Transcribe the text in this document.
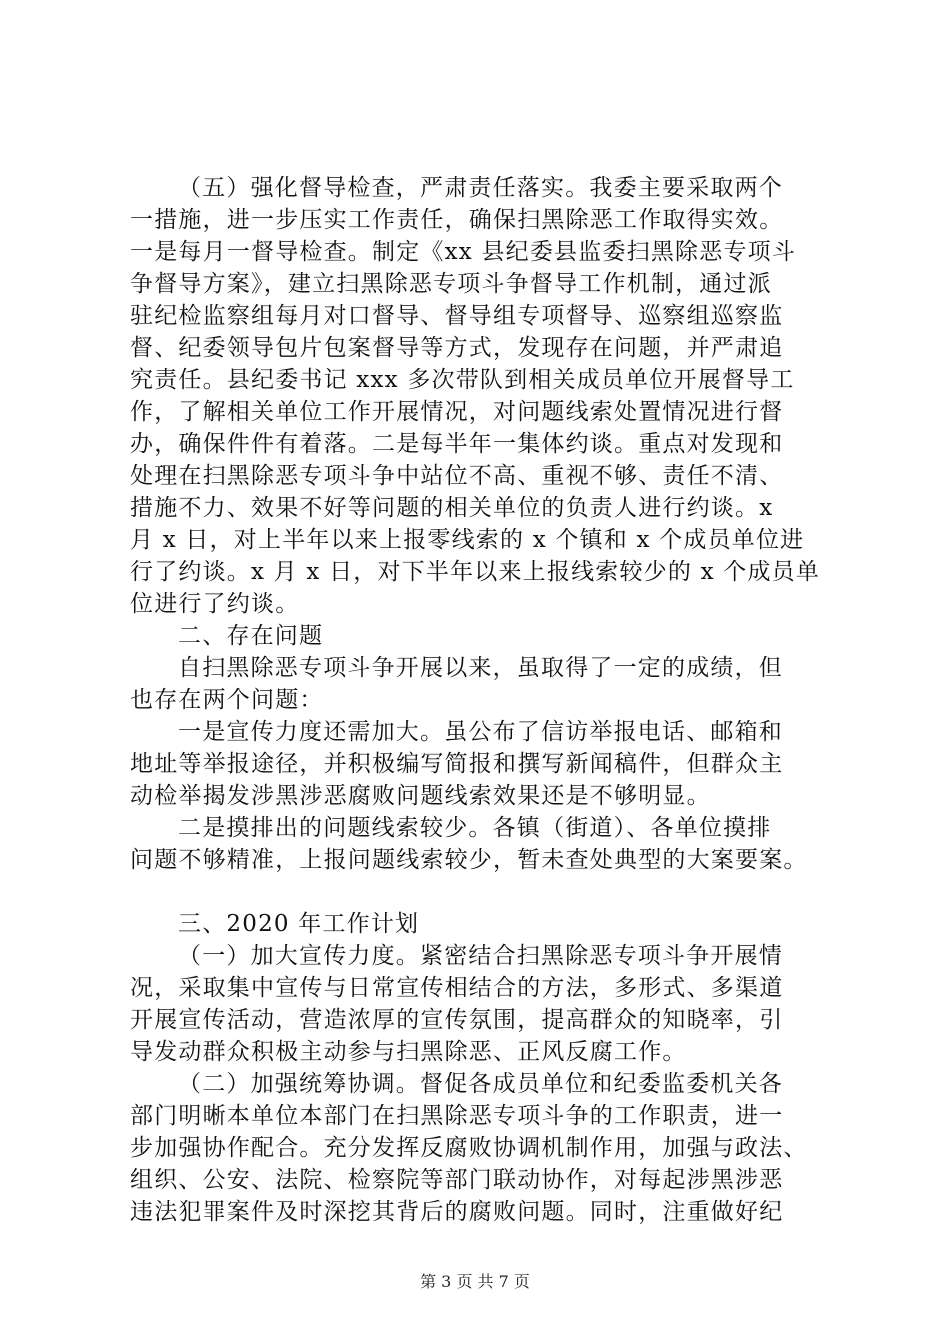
（五）强化督导检查，严肃责任落实。我委主要采取两个
一措施，进一步压实工作责任，确保扫黑除恶工作取得实效。
一是每月一督导检查。制定《xx 县纪委县监委扫黑除恶专项斗
争督导方案》，建立扫黑除恶专项斗争督导工作机制，通过派
驻纪检监察组每月对口督导、督导组专项督导、巡察组巡察监
督、纪委领导包片包案督导等方式，发现存在问题，并严肃追
究责任。县纪委书记 xxx 多次带队到相关成员单位开展督导工
作，了解相关单位工作开展情况，对问题线索处置情况进行督
办，确保件件有着落。二是每半年一集体约谈。重点对发现和
处理在扫黑除恶专项斗争中站位不高、重视不够、责任不清、
措施不力、效果不好等问题的相关单位的负责人进行约谈。x
月 x 日，对上半年以来上报零线索的 x 个镇和 x 个成员单位进
行了约谈。x 月 x 日，对下半年以来上报线索较少的 x 个成员单
位进行了约谈。
二、存在问题
自扫黑除恶专项斗争开展以来，虽取得了一定的成绩，但
也存在两个问题：
一是宣传力度还需加大。虽公布了信访举报电话、邮箱和
地址等举报途径，并积极编写简报和撰写新闻稿件，但群众主
动检举揭发涉黑涉恶腐败问题线索效果还是不够明显。
二是摸排出的问题线索较少。各镇（街道）、各单位摸排
问题不够精准，上报问题线索较少，暂未查处典型的大案要案。
三、2020 年工作计划
（一）加大宣传力度。紧密结合扫黑除恶专项斗争开展情
况，采取集中宣传与日常宣传相结合的方法，多形式、多渠道
开展宣传活动，营造浓厚的宣传氛围，提高群众的知晓率，引
导发动群众积极主动参与扫黑除恶、正风反腐工作。
（二）加强统筹协调。督促各成员单位和纪委监委机关各
部门明晰本单位本部门在扫黑除恶专项斗争的工作职责，进一
步加强协作配合。充分发挥反腐败协调机制作用，加强与政法、
组织、公安、法院、检察院等部门联动协作，对每起涉黑涉恶
违法犯罪案件及时深挖其背后的腐败问题。同时，注重做好纪
第 3 页 共 7 页
